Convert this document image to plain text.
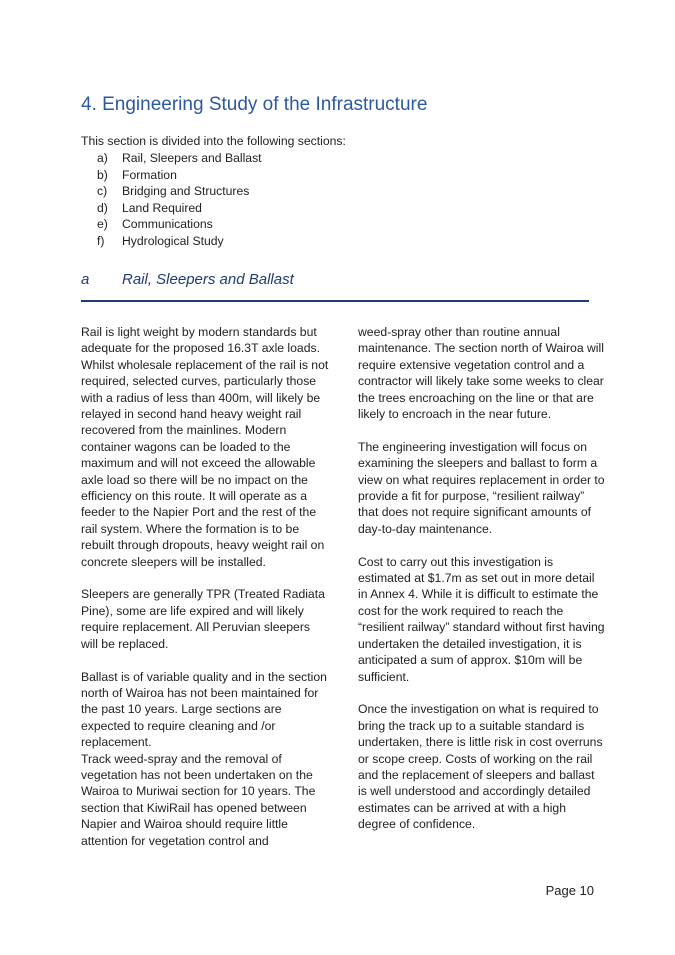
4. Engineering Study of the Infrastructure

This section is divided into the following sections:

a) Rail, Sleepers and Ballast
b) Formation
c) Bridging and Structures
d) Land Required
e) Communications
f) Hydrological Study
a Rail, Sleepers and Ballast

Rail is light weight by modern standards but adequate for the proposed 16.3T axle loads. Whilst wholesale replacement of the rail is not required, selected curves, particularly those with a radius of less than 400m, will likely be relayed in second hand heavy weight rail recovered from the mainlines. Modern container wagons can be loaded to the maximum and will not exceed the allowable axle load so there will be no impact on the efficiency on this route. It will operate as a feeder to the Napier Port and the rest of the rail system. Where the formation is to be rebuilt through dropouts, heavy weight rail on concrete sleepers will be installed.

Sleepers are generally TPR (Treated Radiata Pine), some are life expired and will likely require replacement. All Peruvian sleepers will be replaced.

Ballast is of variable quality and in the section north of Wairoa has not been maintained for the past 10 years. Large sections are expected to require cleaning and /or replacement.

Track weed-spray and the removal of vegetation has not been undertaken on the Wairoa to Muriwai section for 10 years. The section that KiwiRail has opened between Napier and Wairoa should require little attention for vegetation control and

weed-spray other than routine annual maintenance. The section north of Wairoa will require extensive vegetation control and a contractor will likely take some weeks to clear the trees encroaching on the line or that are likely to encroach in the near future.

The engineering investigation will focus on examining the sleepers and ballast to form a view on what requires replacement in order to provide a fit for purpose, “resilient railway” that does not require significant amounts of day-to-day maintenance.

Cost to carry out this investigation is estimated at $1.7m as set out in more detail in Annex 4. While it is difficult to estimate the cost for the work required to reach the “resilient railway” standard without first having undertaken the detailed investigation, it is anticipated a sum of approx. $10m will be sufficient.

Once the investigation on what is required to bring the track up to a suitable standard is undertaken, there is little risk in cost overruns or scope creep. Costs of working on the rail and the replacement of sleepers and ballast is well understood and accordingly detailed estimates can be arrived at with a high degree of confidence.

Page 10
